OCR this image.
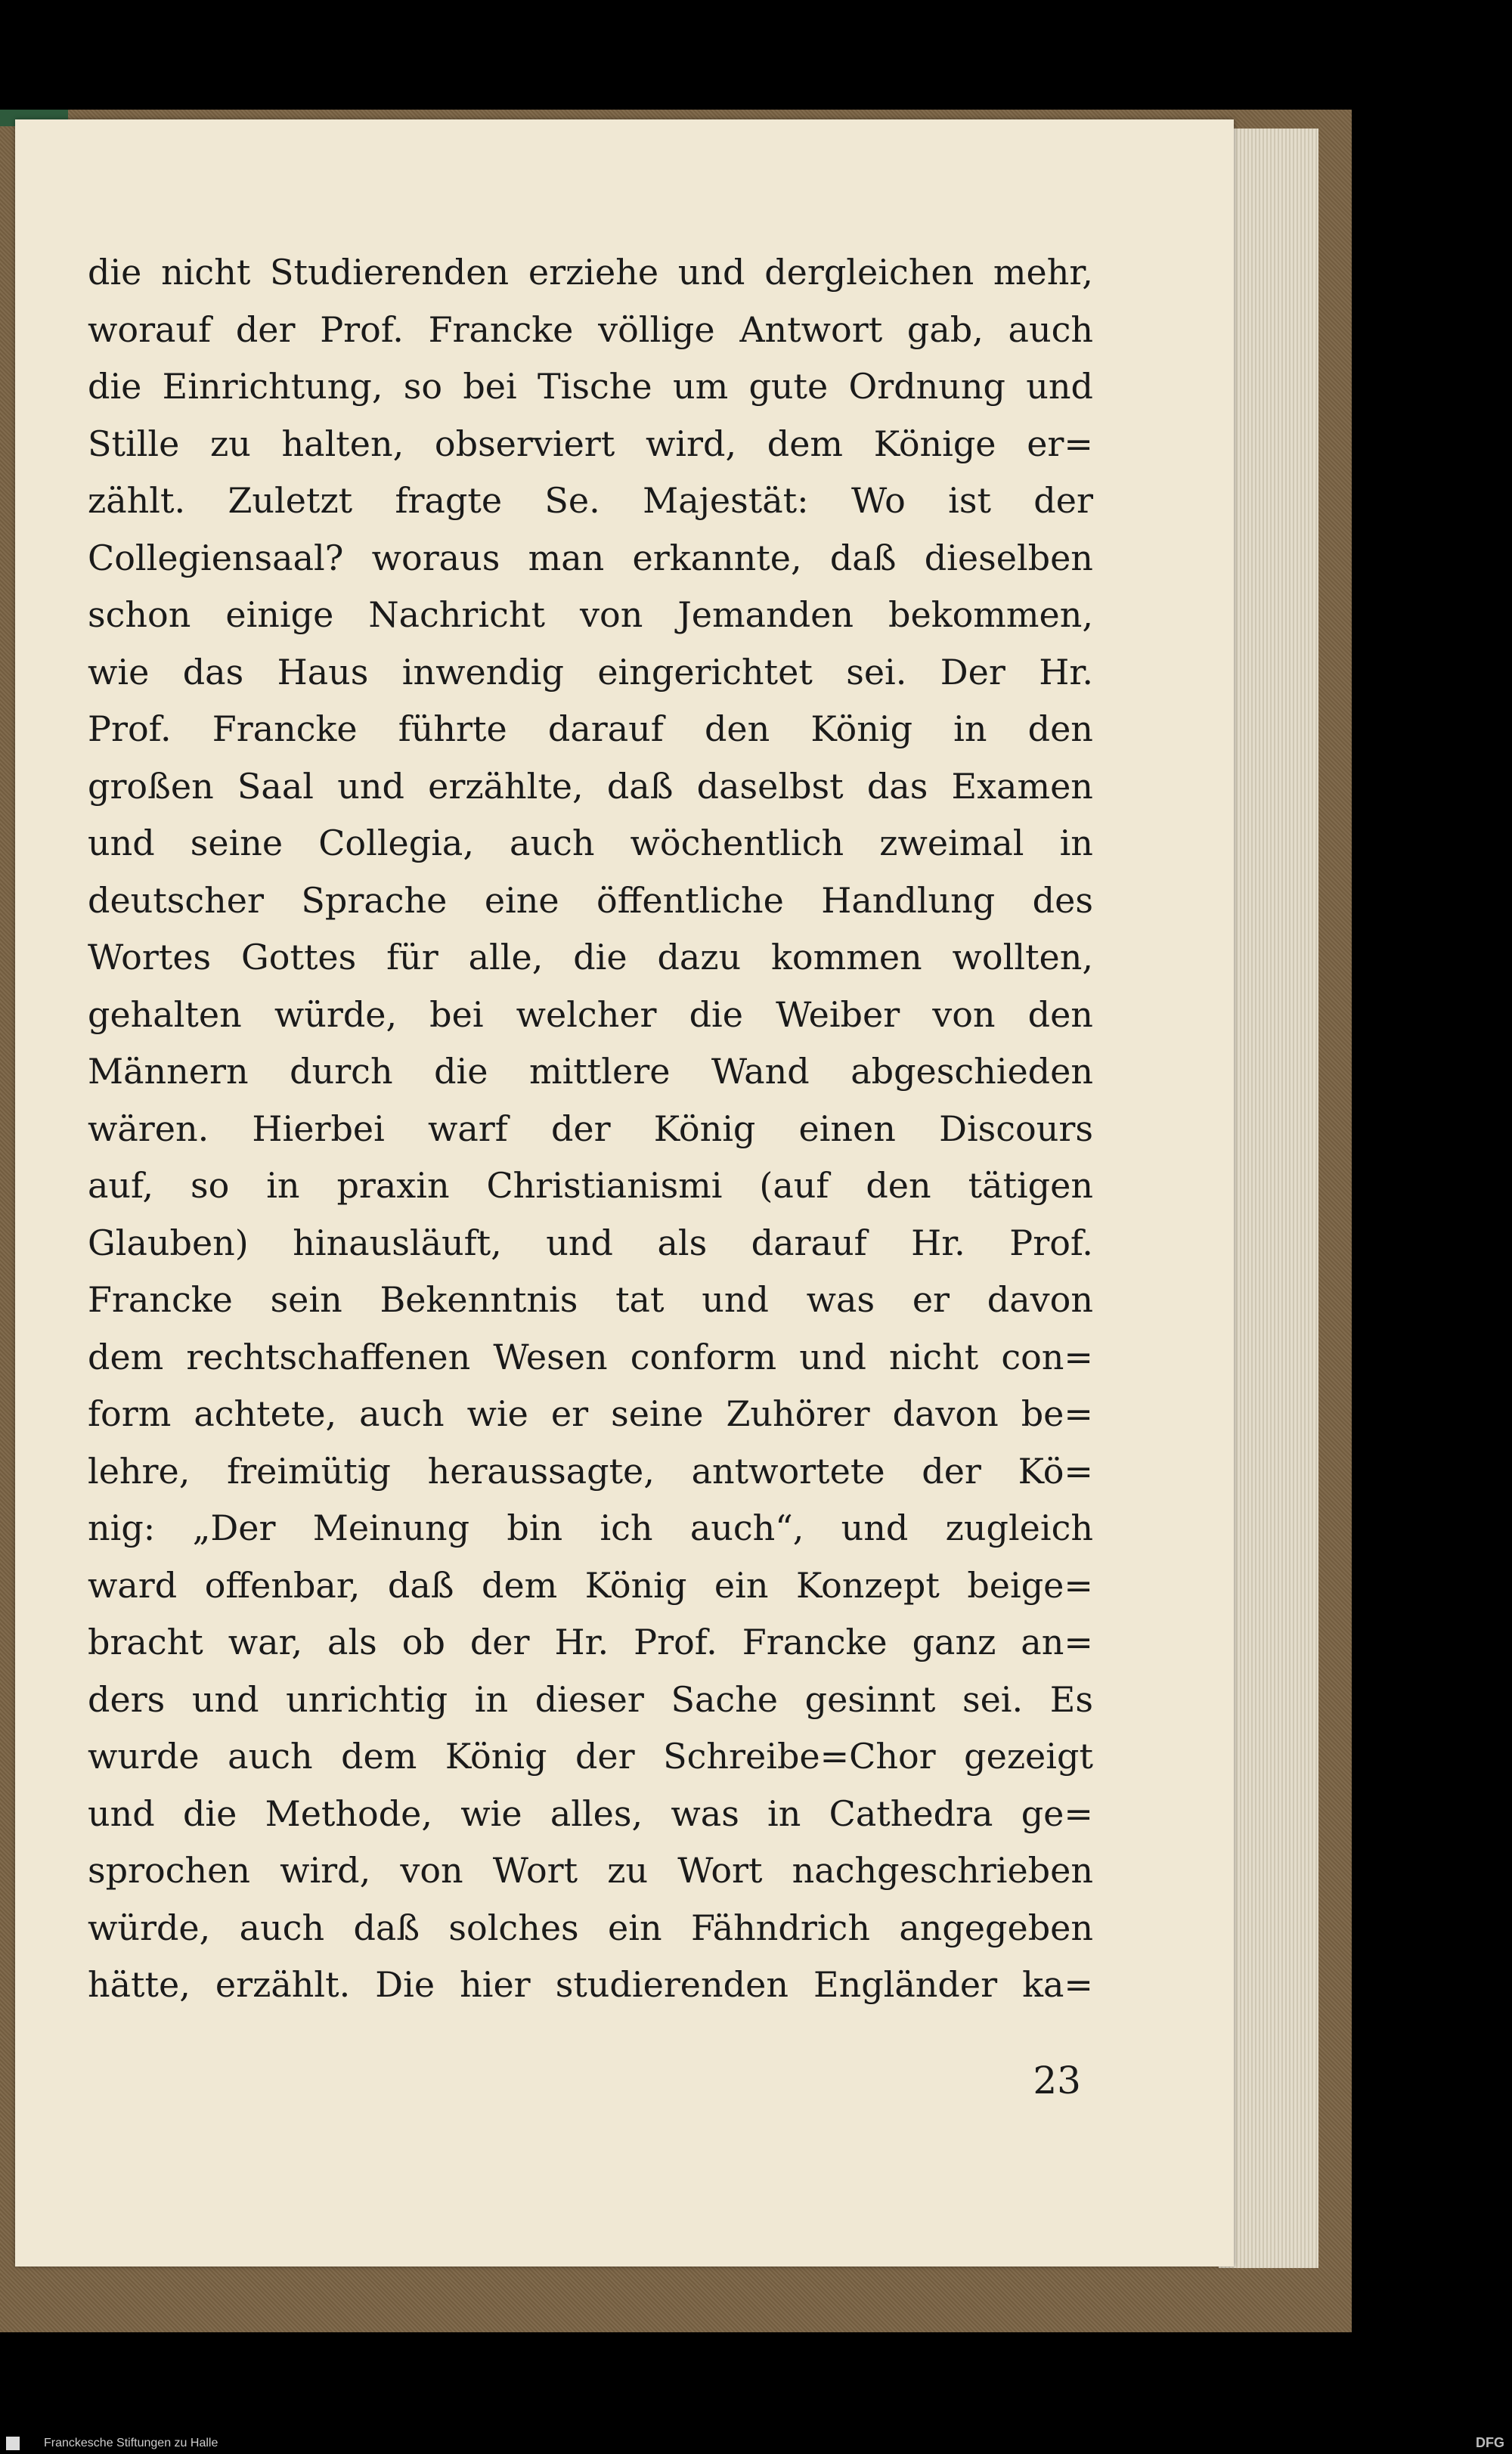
die nicht Studierenden erziehe und dergleichen mehr,
worauf der Prof. Francke völlige Antwort gab, auch
die Einrichtung, so bei Tische um gute Ordnung und
Stille zu halten, observiert wird, dem Könige er=
zählt. Zuletzt fragte Se. Majestät: Wo ist der
Collegiensaal? woraus man erkannte, daß dieselben
schon einige Nachricht von Jemanden bekommen,
wie das Haus inwendig eingerichtet sei. Der Hr.
Prof. Francke führte darauf den König in den
großen Saal und erzählte, daß daselbst das Examen
und seine Collegia, auch wöchentlich zweimal in
deutscher Sprache eine öffentliche Handlung des
Wortes Gottes für alle, die dazu kommen wollten,
gehalten würde, bei welcher die Weiber von den
Männern durch die mittlere Wand abgeschieden
wären. Hierbei warf der König einen Discours
auf, so in praxin Christianismi (auf den tätigen
Glauben) hinausläuft, und als darauf Hr. Prof.
Francke sein Bekenntnis tat und was er davon
dem rechtschaffenen Wesen conform und nicht con=
form achtete, auch wie er seine Zuhörer davon be=
lehre, freimütig heraussagte, antwortete der Kö=
nig: „Der Meinung bin ich auch“, und zugleich
ward offenbar, daß dem König ein Konzept beige=
bracht war, als ob der Hr. Prof. Francke ganz an=
ders und unrichtig in dieser Sache gesinnt sei. Es
wurde auch dem König der Schreibe=Chor gezeigt
und die Methode, wie alles, was in Cathedra ge=
sprochen wird, von Wort zu Wort nachgeschrieben
würde, auch daß solches ein Fähndrich angegeben
hätte, erzählt. Die hier studierenden Engländer ka=
23
Franckesche Stiftungen zu Halle	DFG
